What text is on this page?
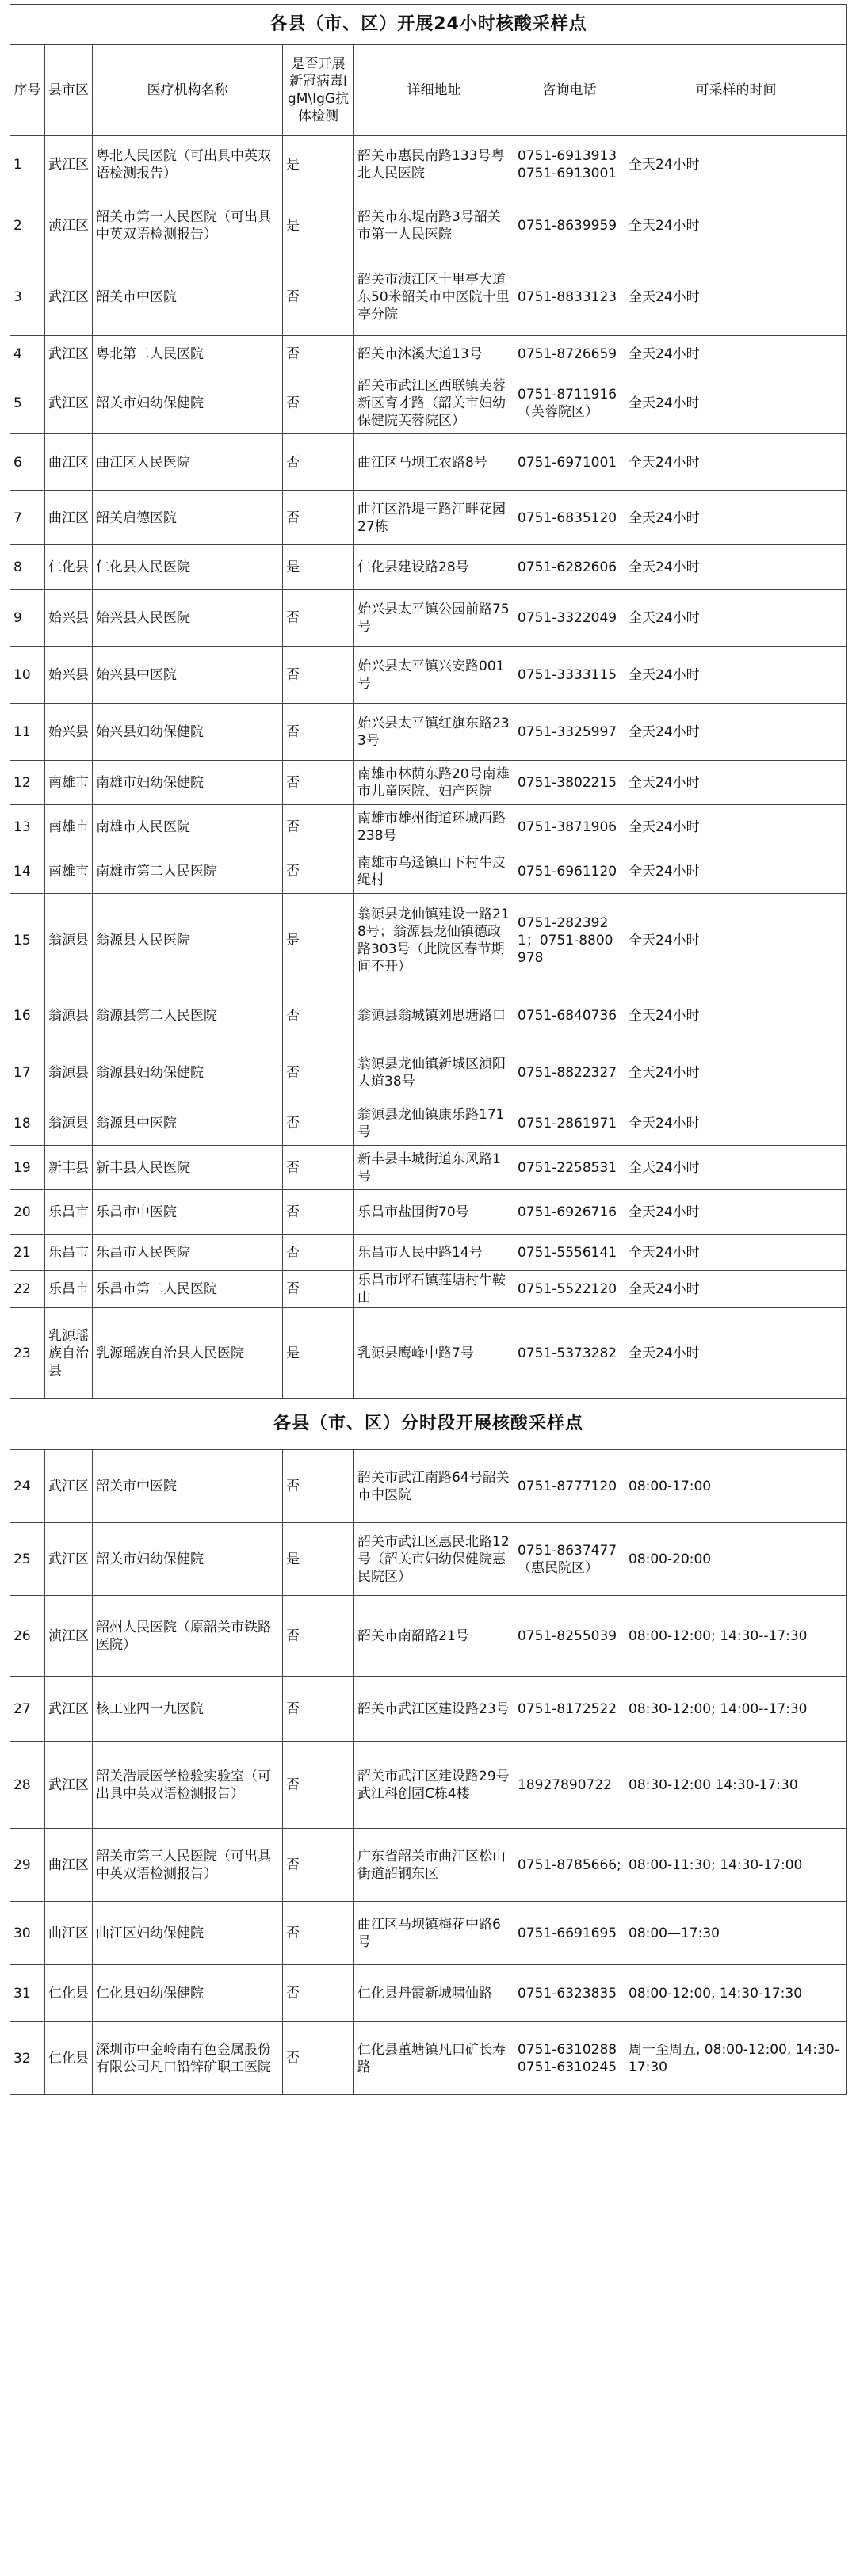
各县（市、区）开展24小时核酸采样点						
序号	县市区	医疗机构名称	是否开展新冠病毒IgM\IgG抗体检测	详细地址	咨询电话	可采样的时间
1	武江区	粤北人民医院（可出具中英双语检测报告）	是	韶关市惠民南路133号粤北人民医院	0751-6913913 0751-6913001	全天24小时
2	浈江区	韶关市第一人民医院（可出具中英双语检测报告）	是	韶关市东堤南路3号韶关市第一人民医院	0751-8639959	全天24小时
3	武江区	韶关市中医院	否	韶关市浈江区十里亭大道东50米韶关市中医院十里亭分院	0751-8833123	全天24小时
4	武江区	粤北第二人民医院	否	韶关市沐溪大道13号	0751-8726659	全天24小时
5	武江区	韶关市妇幼保健院	否	韶关市武江区西联镇芙蓉新区育才路（韶关市妇幼保健院芙蓉院区）	0751-8711916（芙蓉院区）	全天24小时
6	曲江区	曲江区人民医院	否	曲江区马坝工农路8号	0751-6971001	全天24小时
7	曲江区	韶关启德医院	否	曲江区沿堤三路江畔花园27栋	0751-6835120	全天24小时
8	仁化县	仁化县人民医院	是	仁化县建设路28号	0751-6282606	全天24小时
9	始兴县	始兴县人民医院	否	始兴县太平镇公园前路75号	0751-3322049	全天24小时
10	始兴县	始兴县中医院	否	始兴县太平镇兴安路001号	0751-3333115	全天24小时
11	始兴县	始兴县妇幼保健院	否	始兴县太平镇红旗东路233号	0751-3325997	全天24小时
12	南雄市	南雄市妇幼保健院	否	南雄市林荫东路20号南雄市儿童医院、妇产医院	0751-3802215	全天24小时
13	南雄市	南雄市人民医院	否	南雄市雄州街道环城西路238号	0751-3871906	全天24小时
14	南雄市	南雄市第二人民医院	否	南雄市乌迳镇山下村牛皮绳村	0751-6961120	全天24小时
15	翁源县	翁源县人民医院	是	翁源县龙仙镇建设一路218号；翁源县龙仙镇德政路303号（此院区春节期间不开）	0751-2823921；0751-8800978	全天24小时
16	翁源县	翁源县第二人民医院	否	翁源县翁城镇刘思塘路口	0751-6840736	全天24小时
17	翁源县	翁源县妇幼保健院	否	翁源县龙仙镇新城区浈阳大道38号	0751-8822327	全天24小时
18	翁源县	翁源县中医院	否	翁源县龙仙镇康乐路171号	0751-2861971	全天24小时
19	新丰县	新丰县人民医院	否	新丰县丰城街道东风路1号	0751-2258531	全天24小时
20	乐昌市	乐昌市中医院	否	乐昌市盐围街70号	0751-6926716	全天24小时
21	乐昌市	乐昌市人民医院	否	乐昌市人民中路14号	0751-5556141	全天24小时
22	乐昌市	乐昌市第二人民医院	否	乐昌市坪石镇莲塘村牛鞍山	0751-5522120	全天24小时
23	乳源瑶族自治县	乳源瑶族自治县人民医院	是	乳源县鹰峰中路7号	0751-5373282	全天24小时
各县（市、区）分时段开展核酸采样点						
24	武江区	韶关市中医院	否	韶关市武江南路64号韶关市中医院	0751-8777120	08:00-17:00
25	武江区	韶关市妇幼保健院	是	韶关市武江区惠民北路12号（韶关市妇幼保健院惠民院区）	0751-8637477（惠民院区）	08:00-20:00
26	浈江区	韶州人民医院（原韶关市铁路医院）	否	韶关市南韶路21号	0751-8255039	08:00-12:00; 14:30--17:30
27	武江区	核工业四一九医院	否	韶关市武江区建设路23号	0751-8172522	08:30-12:00; 14:00--17:30
28	武江区	韶关浩辰医学检验实验室（可出具中英双语检测报告）	否	韶关市武江区建设路29号武江科创园C栋4楼	18927890722	08:30-12:00 14:30-17:30
29	曲江区	韶关市第三人民医院（可出具中英双语检测报告）	否	广东省韶关市曲江区松山街道韶钢东区	0751-8785666;	08:00-11:30; 14:30-17:00
30	曲江区	曲江区妇幼保健院	否	曲江区马坝镇梅花中路6号	0751-6691695	08:00—17:30
31	仁化县	仁化县妇幼保健院	否	仁化县丹霞新城啸仙路	0751-6323835	08:00-12:00, 14:30-17:30
32	仁化县	深圳市中金岭南有色金属股份有限公司凡口铅锌矿职工医院	否	仁化县董塘镇凡口矿长寿路	0751-6310288 0751-6310245	周一至周五, 08:00-12:00, 14:30-17:30
